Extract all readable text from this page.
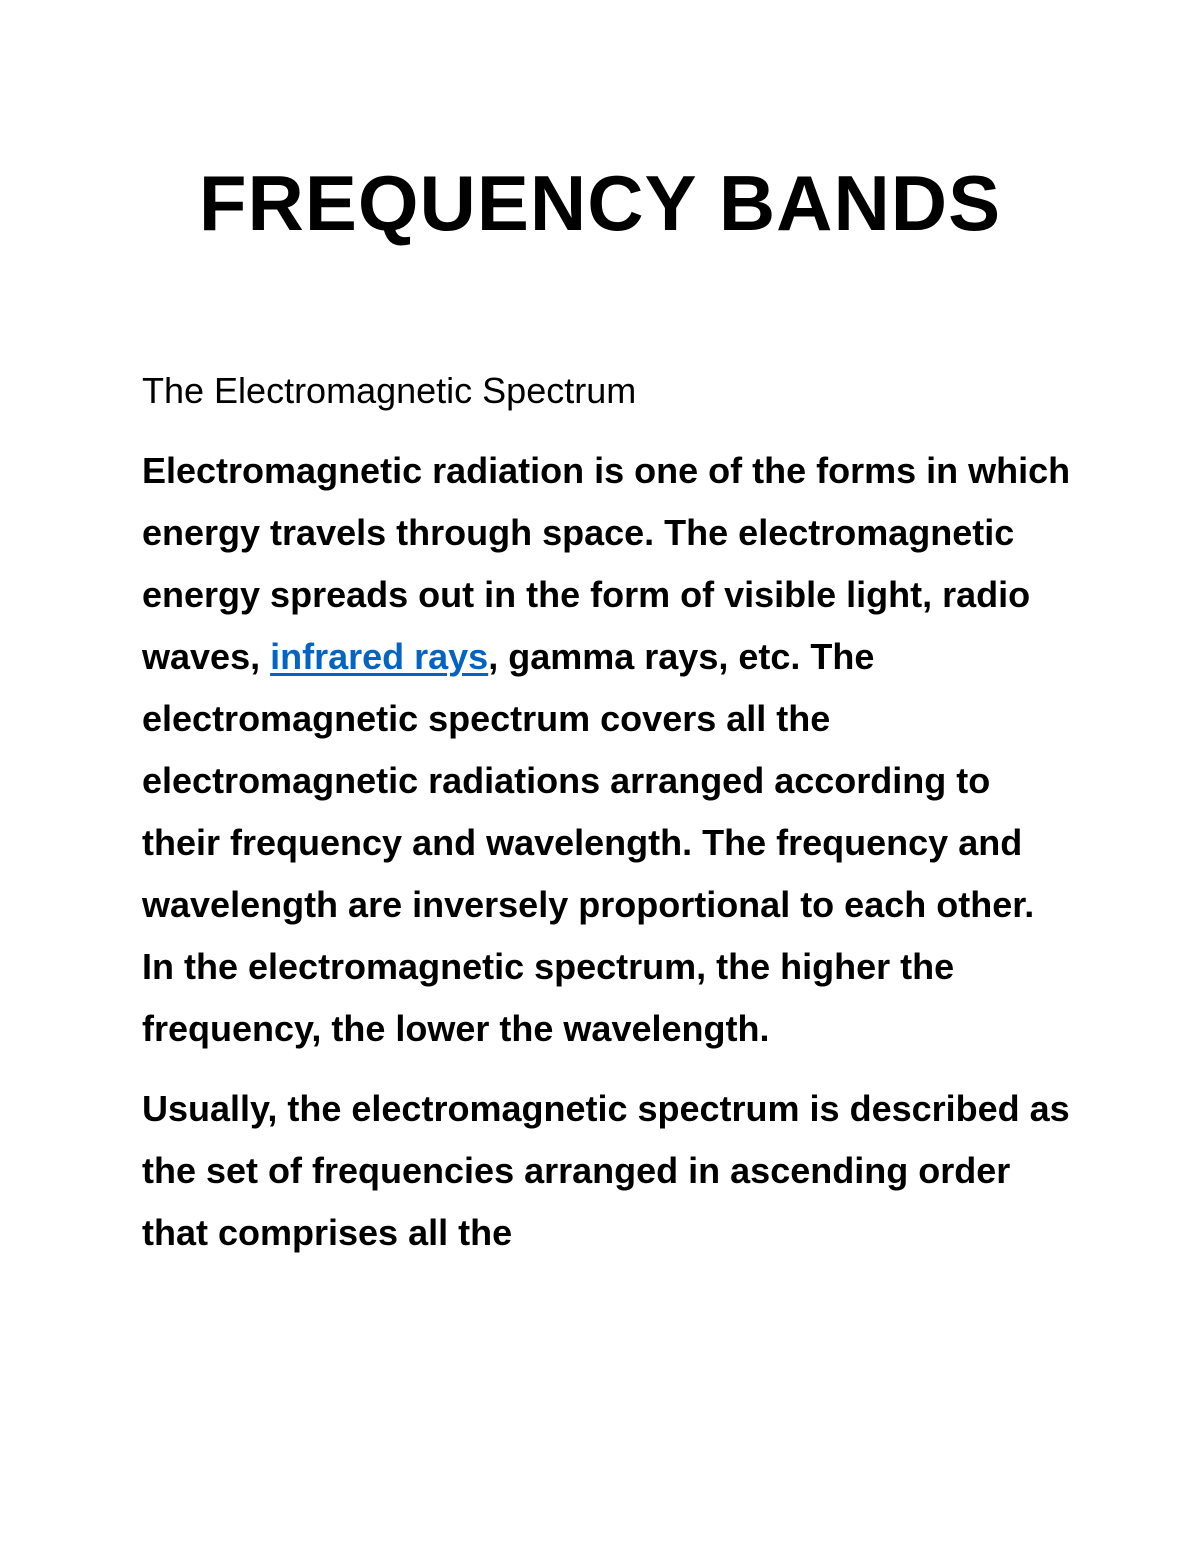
FREQUENCY BANDS

The Electromagnetic Spectrum

Electromagnetic radiation is one of the forms in which energy travels through space. The electromagnetic energy spreads out in the form of visible light, radio waves, infrared rays, gamma rays, etc. The electromagnetic spectrum covers all the electromagnetic radiations arranged according to their frequency and wavelength. The frequency and wavelength are inversely proportional to each other. In the electromagnetic spectrum, the higher the frequency, the lower the wavelength.

Usually, the electromagnetic spectrum is described as the set of frequencies arranged in ascending order that comprises all the
